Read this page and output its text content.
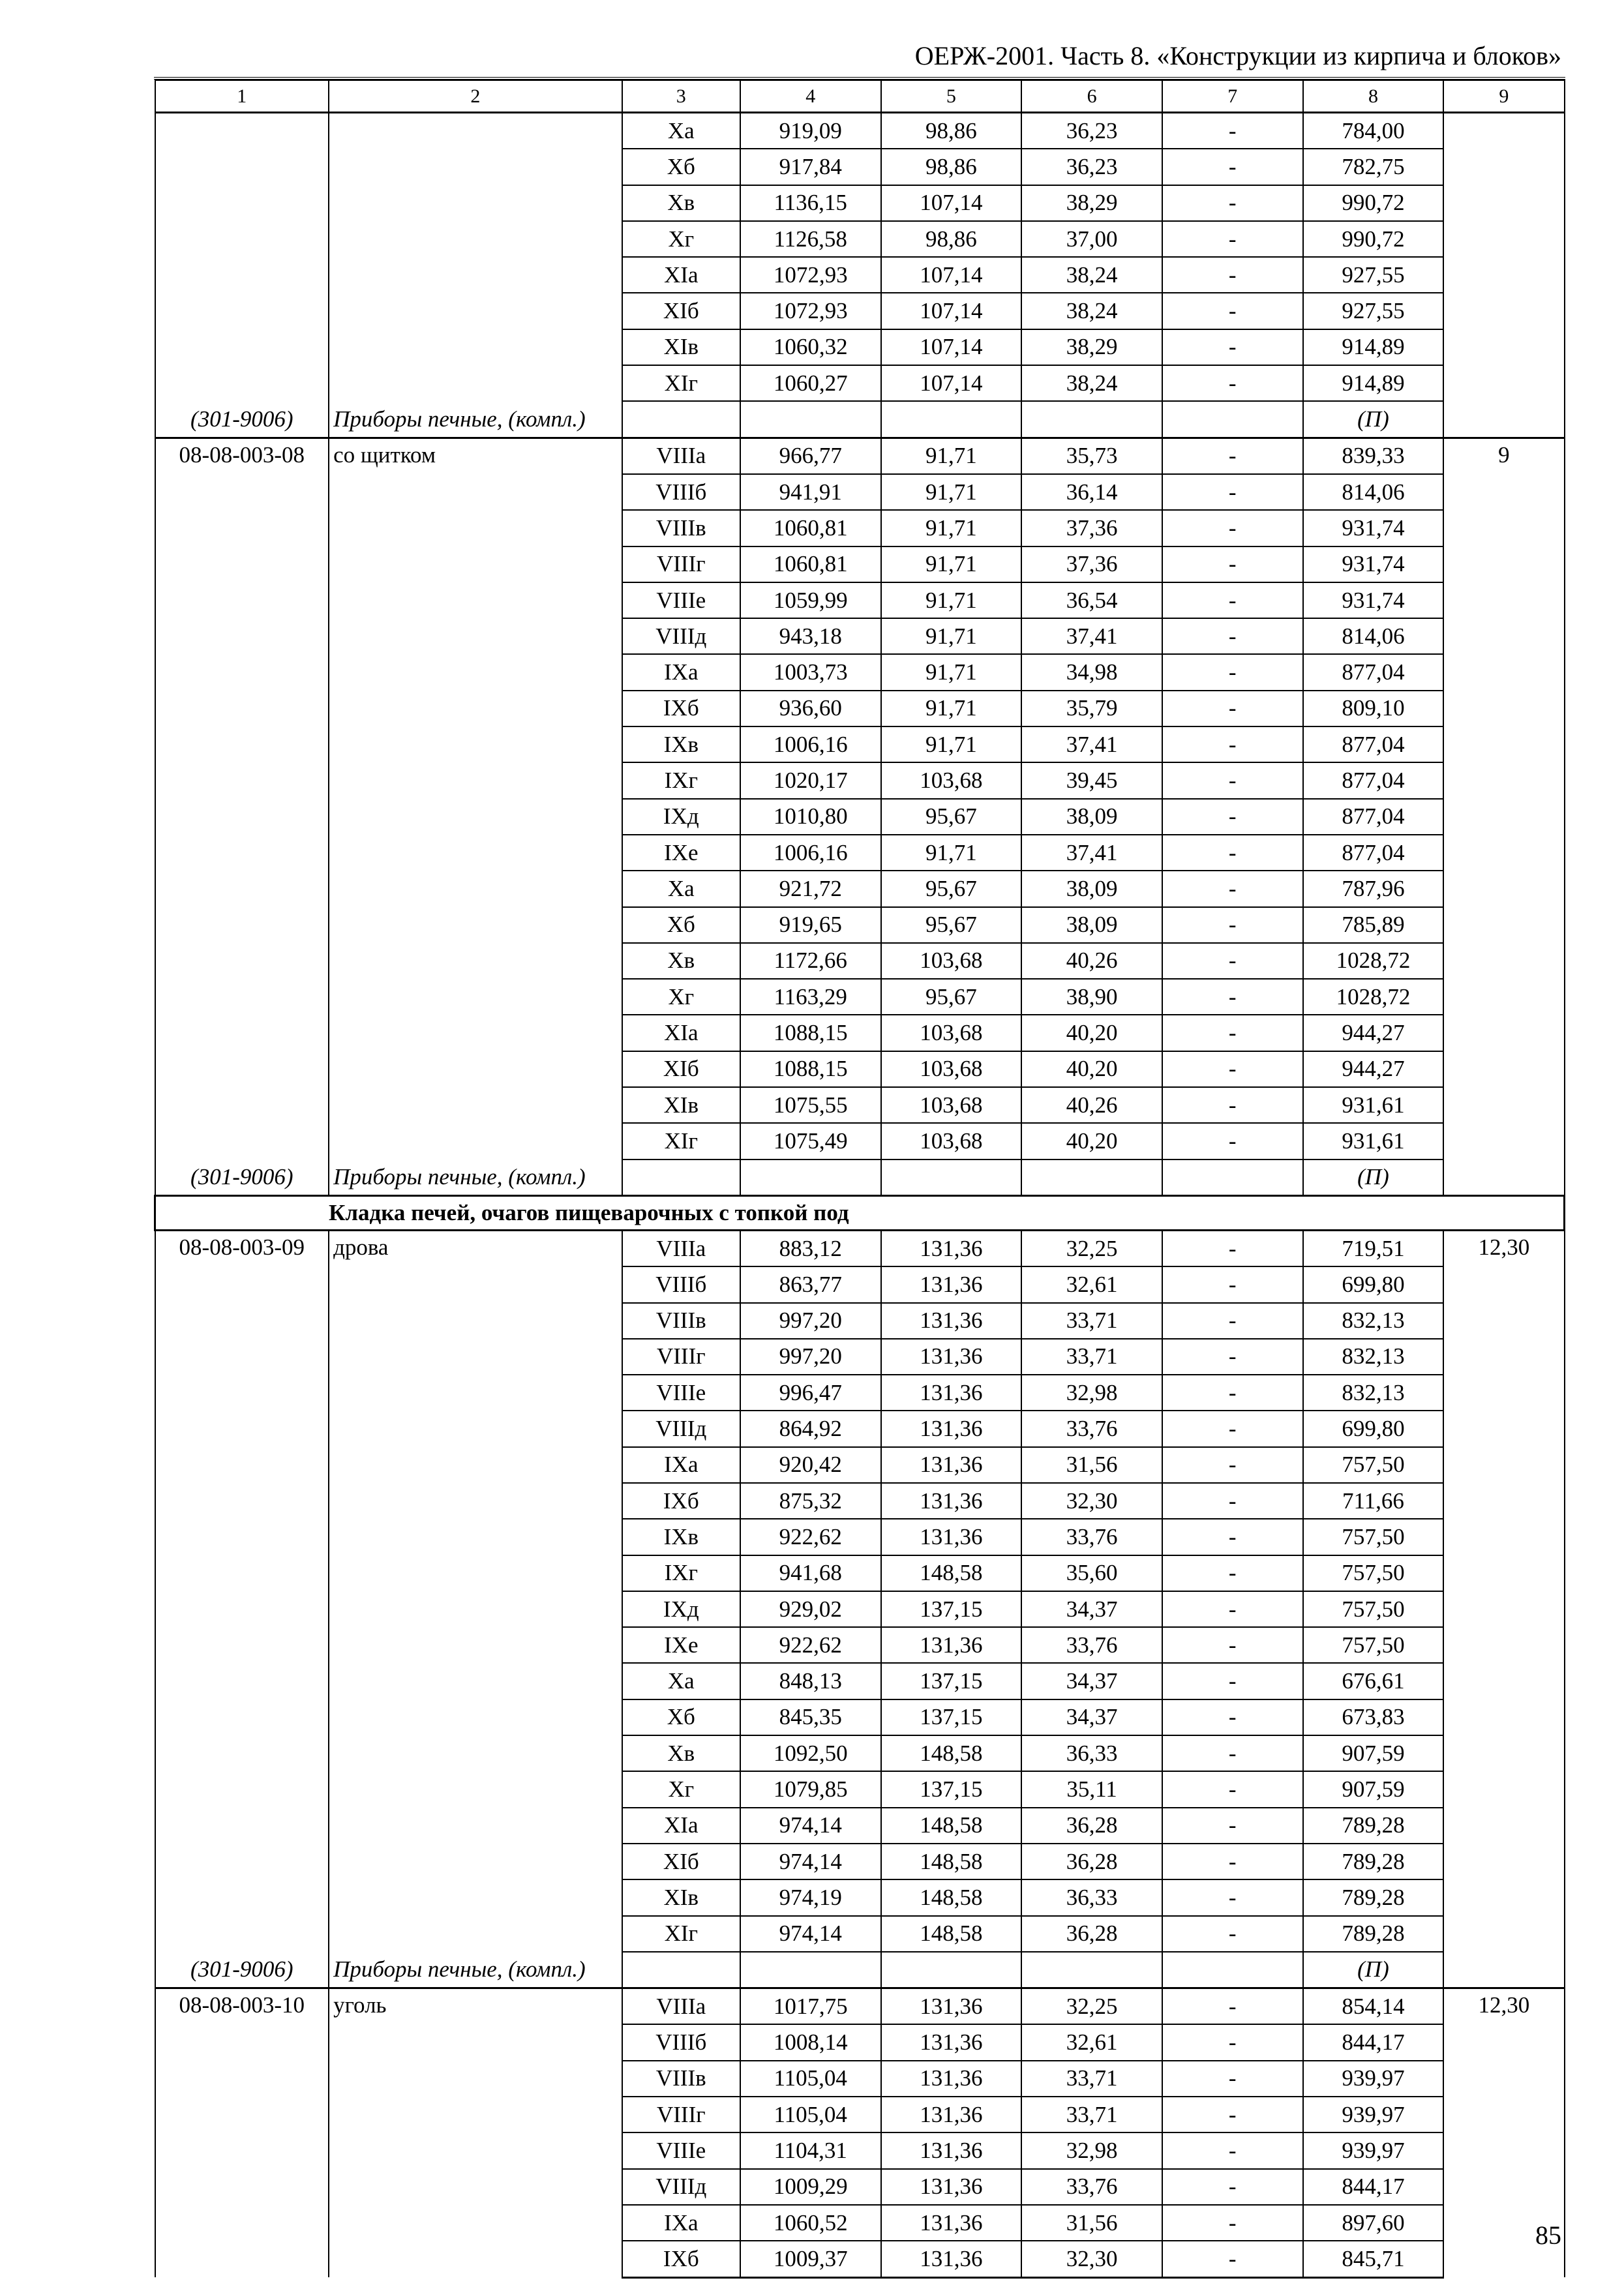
ОЕРЖ-2001. Часть 8. «Конструкции из кирпича и блоков»
1	2	3	4	5	6	7	8	9
		Xa	919,09	98,86	36,23	-	784,00	
		Xб	917,84	98,86	36,23	-	782,75	
		Xв	1136,15	107,14	38,29	-	990,72	
		Xг	1126,58	98,86	37,00	-	990,72	
		XIa	1072,93	107,14	38,24	-	927,55	
		XIб	1072,93	107,14	38,24	-	927,55	
		XIв	1060,32	107,14	38,29	-	914,89	
		XIг	1060,27	107,14	38,24	-	914,89	
(301-9006)	Приборы печные, (компл.)						(П)	
08-08-003-08	со щитком	VIIIa	966,77	91,71	35,73	-	839,33	9
		VIIIб	941,91	91,71	36,14	-	814,06	
		VIIIв	1060,81	91,71	37,36	-	931,74	
		VIIIг	1060,81	91,71	37,36	-	931,74	
		VIIIe	1059,99	91,71	36,54	-	931,74	
		VIIIд	943,18	91,71	37,41	-	814,06	
		IXa	1003,73	91,71	34,98	-	877,04	
		IXб	936,60	91,71	35,79	-	809,10	
		IXв	1006,16	91,71	37,41	-	877,04	
		IXг	1020,17	103,68	39,45	-	877,04	
		IXд	1010,80	95,67	38,09	-	877,04	
		IXe	1006,16	91,71	37,41	-	877,04	
		Xa	921,72	95,67	38,09	-	787,96	
		Xб	919,65	95,67	38,09	-	785,89	
		Xв	1172,66	103,68	40,26	-	1028,72	
		Xг	1163,29	95,67	38,90	-	1028,72	
		XIa	1088,15	103,68	40,20	-	944,27	
		XIб	1088,15	103,68	40,20	-	944,27	
		XIв	1075,55	103,68	40,26	-	931,61	
		XIг	1075,49	103,68	40,20	-	931,61	
(301-9006)	Приборы печные, (компл.)						(П)	
Кладка печей, очагов пищеварочных с топкой под								
08-08-003-09	дрова	VIIIa	883,12	131,36	32,25	-	719,51	12,30
		VIIIб	863,77	131,36	32,61	-	699,80	
		VIIIв	997,20	131,36	33,71	-	832,13	
		VIIIг	997,20	131,36	33,71	-	832,13	
		VIIIe	996,47	131,36	32,98	-	832,13	
		VIIIд	864,92	131,36	33,76	-	699,80	
		IXa	920,42	131,36	31,56	-	757,50	
		IXб	875,32	131,36	32,30	-	711,66	
		IXв	922,62	131,36	33,76	-	757,50	
		IXг	941,68	148,58	35,60	-	757,50	
		IXд	929,02	137,15	34,37	-	757,50	
		IXe	922,62	131,36	33,76	-	757,50	
		Xa	848,13	137,15	34,37	-	676,61	
		Xб	845,35	137,15	34,37	-	673,83	
		Xв	1092,50	148,58	36,33	-	907,59	
		Xг	1079,85	137,15	35,11	-	907,59	
		XIa	974,14	148,58	36,28	-	789,28	
		XIб	974,14	148,58	36,28	-	789,28	
		XIв	974,19	148,58	36,33	-	789,28	
		XIг	974,14	148,58	36,28	-	789,28	
(301-9006)	Приборы печные, (компл.)						(П)	
08-08-003-10	уголь	VIIIa	1017,75	131,36	32,25	-	854,14	12,30
		VIIIб	1008,14	131,36	32,61	-	844,17	
		VIIIв	1105,04	131,36	33,71	-	939,97	
		VIIIг	1105,04	131,36	33,71	-	939,97	
		VIIIe	1104,31	131,36	32,98	-	939,97	
		VIIIд	1009,29	131,36	33,76	-	844,17	
		IXa	1060,52	131,36	31,56	-	897,60	
		IXб	1009,37	131,36	32,30	-	845,71	
85
